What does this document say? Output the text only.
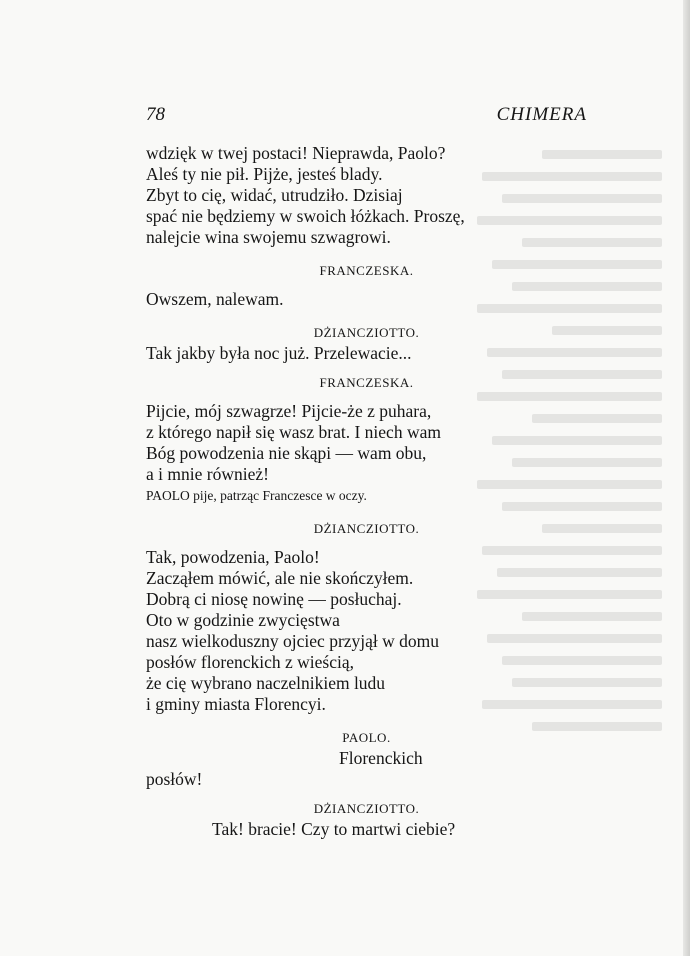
78	CHIMERA
wdzięk w twej postaci! Nieprawda, Paolo?
Aleś ty nie pił. Pijże, jesteś blady.
Zbyt to cię, widać, utrudziło. Dzisiaj
spać nie będziemy w swoich łóżkach. Proszę,
nalejcie wina swojemu szwagrowi.
FRANCZESKA.
Owszem, nalewam.
DŻIANCZIOTTO.
Tak jakby była noc już. Przelewacie...
FRANCZESKA.
Pijcie, mój szwagrze! Pijcie-że z puhara,
z którego napił się wasz brat. I niech wam
Bóg powodzenia nie skąpi — wam obu,
a i mnie również!
PAOLO pije, patrząc Franczesce w oczy.
DŻIANCZIOTTO.
Tak, powodzenia, Paolo!
Zacząłem mówić, ale nie skończyłem.
Dobrą ci niosę nowinę — posłuchaj.
Oto w godzinie zwycięstwa
nasz wielkoduszny ojciec przyjął w domu
posłów florenckich z wieścią,
że cię wybrano naczelnikiem ludu
i gminy miasta Florencyi.
PAOLO.
Florenckich
posłów!
DŻIANCZIOTTO.
Tak! bracie! Czy to martwi ciebie?
